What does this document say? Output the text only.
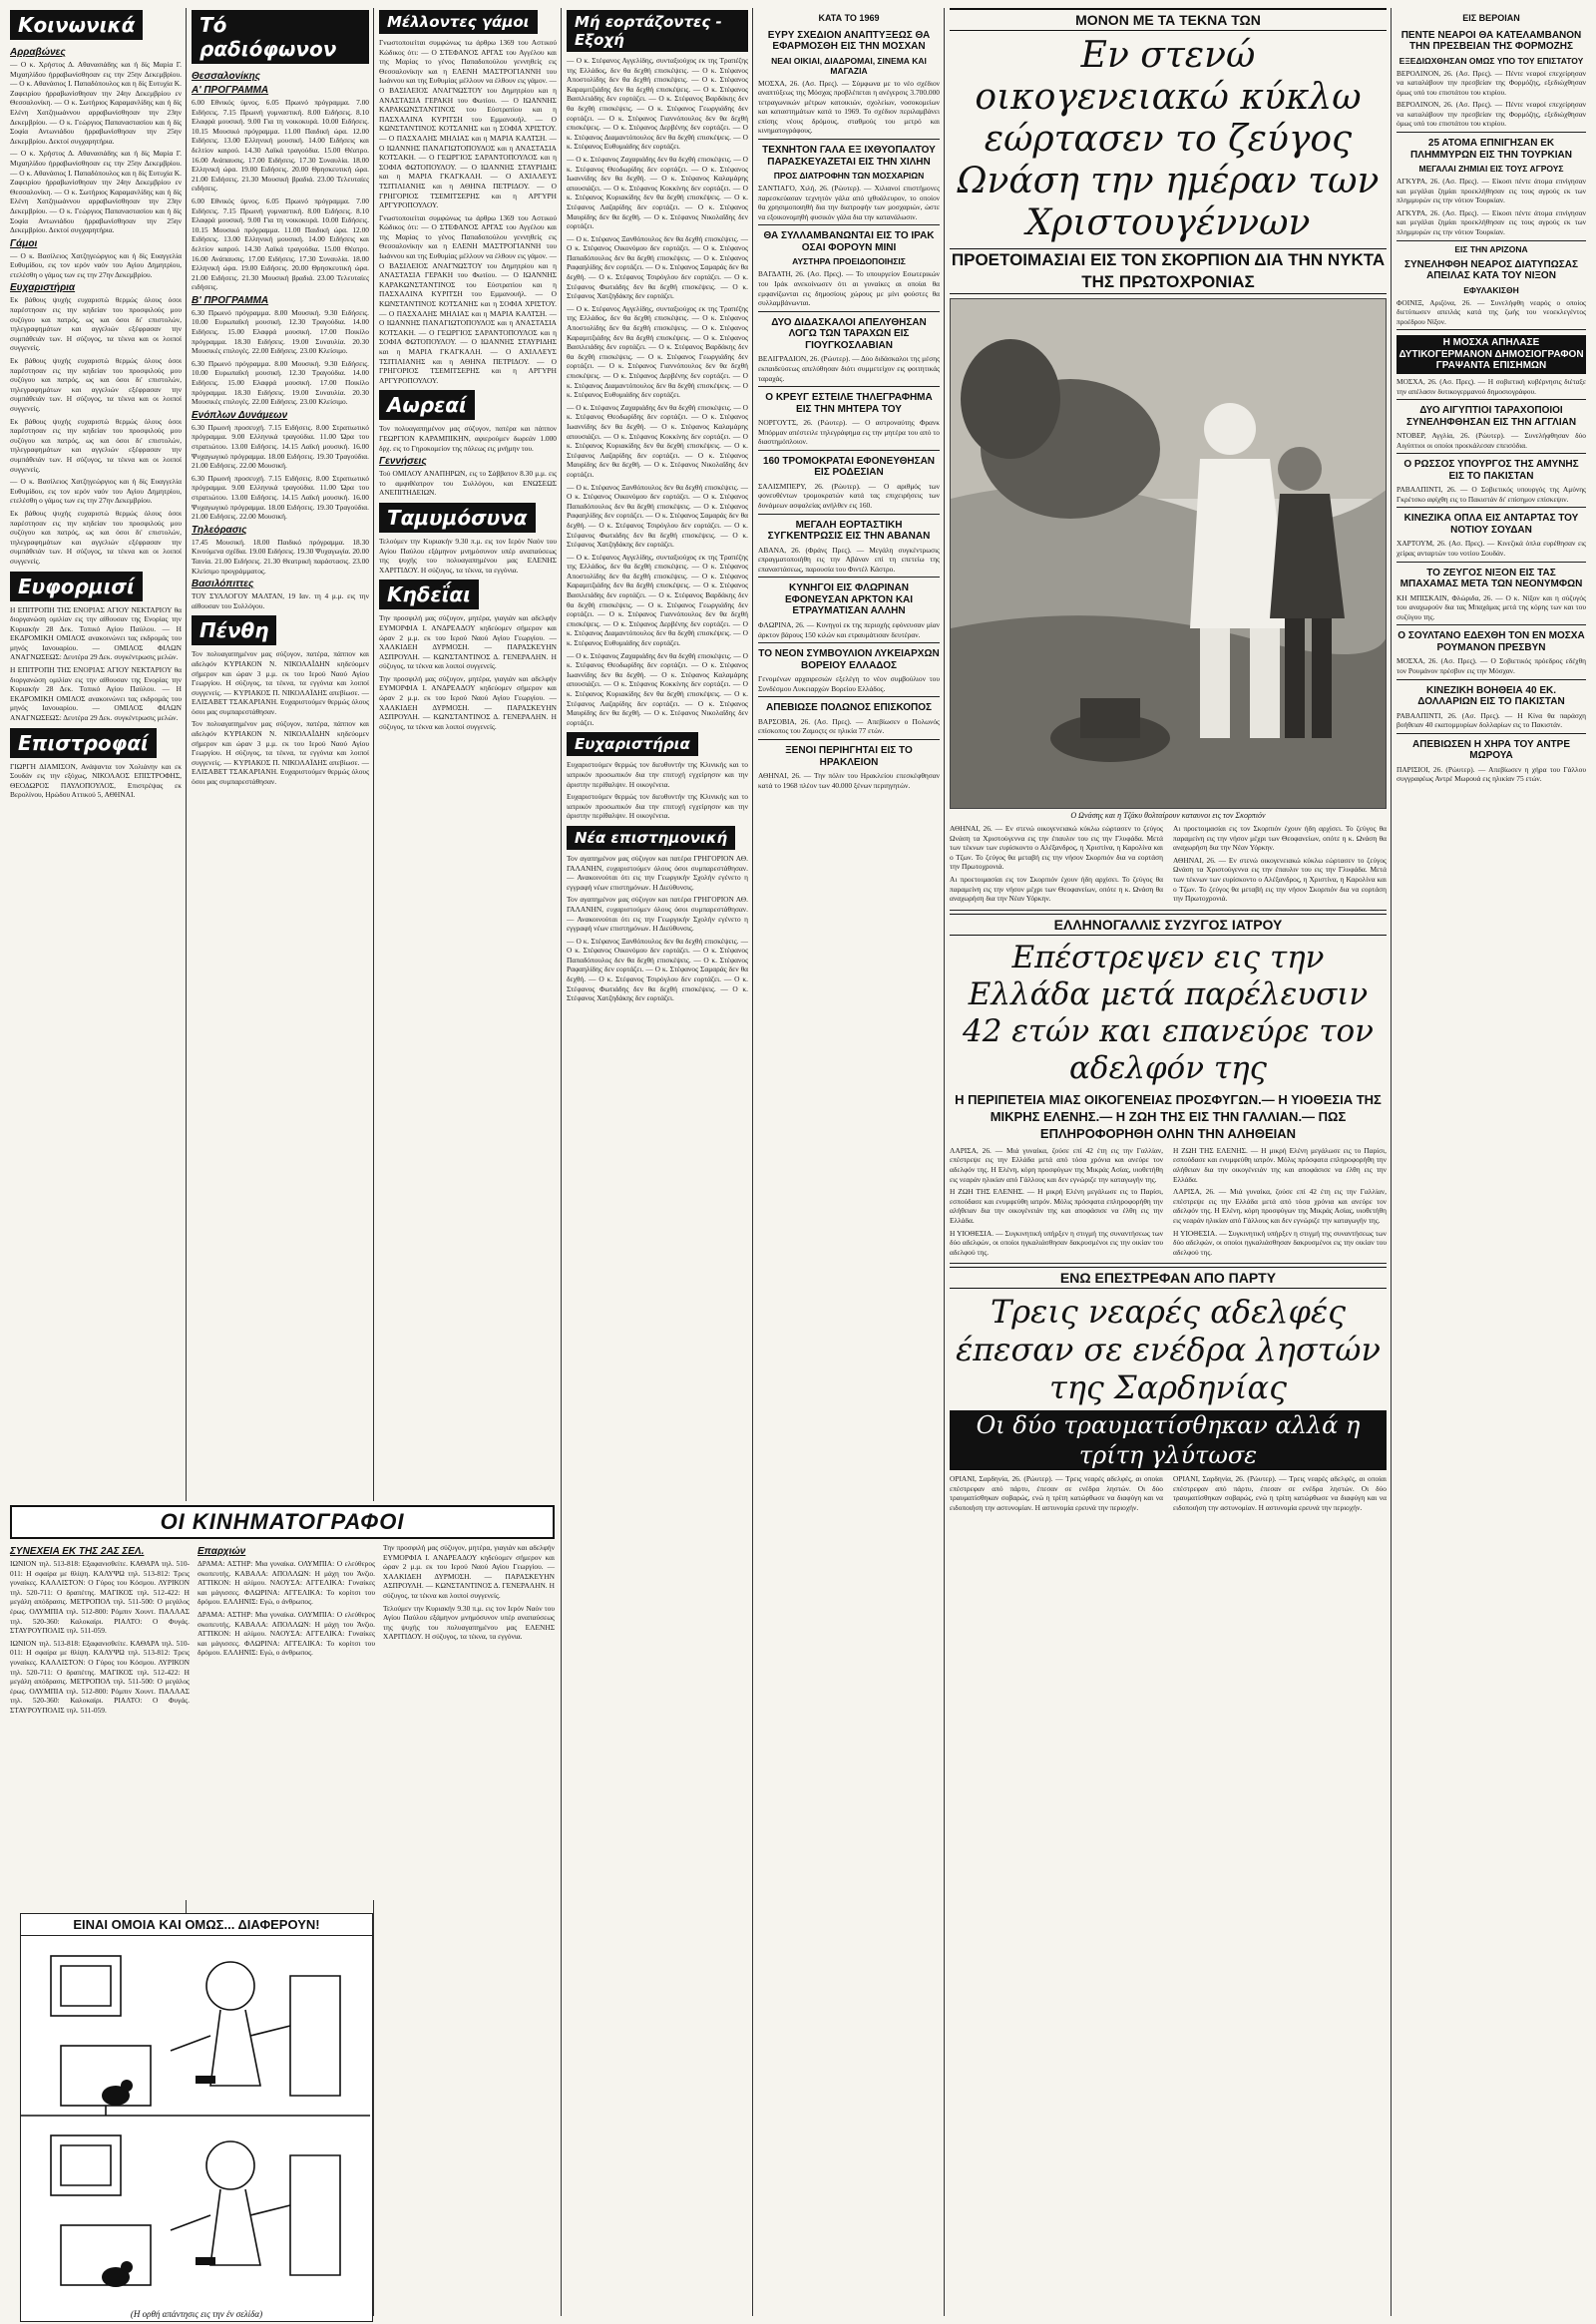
Κοινωνικά
Αρραβώνες

— Ο κ. Χρήστος Δ. Αθανασιάδης και ή δίς Μαρία Γ. Μιχαηλίδου ήρραβωνίσθησαν εις την 25ην Δεκεμβρίου. — Ο κ. Αθανάσιος Ι. Παπαδόπουλος και η δίς Ευτυχία Κ. Ζαφειρίου ήρραβωνίσθησαν την 24ην Δεκεμβρίου εν Θεσσαλονίκη. — Ο κ. Σωτήριος Καραμανλίδης και ή δίς Ελένη Χατζηιωάννου αρραβωνίσθησαν την 23ην Δεκεμβρίου. — Ο κ. Γεώργιος Παπαναστασίου και ή δίς Σοφία Αντωνιάδου ήρραβωνίσθησαν την 25ην Δεκεμβρίου. Δεκτοί συγχαρητήρια.

— Ο κ. Χρήστος Δ. Αθανασιάδης και ή δίς Μαρία Γ. Μιχαηλίδου ήρραβωνίσθησαν εις την 25ην Δεκεμβρίου. — Ο κ. Αθανάσιος Ι. Παπαδόπουλος και η δίς Ευτυχία Κ. Ζαφειρίου ήρραβωνίσθησαν την 24ην Δεκεμβρίου εν Θεσσαλονίκη. — Ο κ. Σωτήριος Καραμανλίδης και ή δίς Ελένη Χατζηιωάννου αρραβωνίσθησαν την 23ην Δεκεμβρίου. — Ο κ. Γεώργιος Παπαναστασίου και ή δίς Σοφία Αντωνιάδου ήρραβωνίσθησαν την 25ην Δεκεμβρίου. Δεκτοί συγχαρητήρια.

Γάμοι

— Ο κ. Βασίλειος Χατζηγεώργιος και ή δίς Ευαγγελία Ευθυμίδου, εις τον ιερόν ναόν του Αγίου Δημητρίου, ετελέσθη ο γάμος των εις την 27ην Δεκεμβρίου.

Ευχαριστήρια

Εκ βάθους ψυχής ευχαριστώ θερμώς όλους όσοι παρέστησαν εις την κηδείαν του προσφιλούς μου συζύγου και πατρός, ως και όσοι δι' επιστολών, τηλεγραφημάτων και αγγελιών εξέφρασαν την συμπάθειάν των. Η σύζυγος, τα τέκνα και οι λοιποί συγγενείς.

Εκ βάθους ψυχής ευχαριστώ θερμώς όλους όσοι παρέστησαν εις την κηδείαν του προσφιλούς μου συζύγου και πατρός, ως και όσοι δι' επιστολών, τηλεγραφημάτων και αγγελιών εξέφρασαν την συμπάθειάν των. Η σύζυγος, τα τέκνα και οι λοιποί συγγενείς.

Εκ βάθους ψυχής ευχαριστώ θερμώς όλους όσοι παρέστησαν εις την κηδείαν του προσφιλούς μου συζύγου και πατρός, ως και όσοι δι' επιστολών, τηλεγραφημάτων και αγγελιών εξέφρασαν την συμπάθειάν των. Η σύζυγος, τα τέκνα και οι λοιποί συγγενείς.

— Ο κ. Βασίλειος Χατζηγεώργιος και ή δίς Ευαγγελία Ευθυμίδου, εις τον ιερόν ναόν του Αγίου Δημητρίου, ετελέσθη ο γάμος των εις την 27ην Δεκεμβρίου.

Εκ βάθους ψυχής ευχαριστώ θερμώς όλους όσοι παρέστησαν εις την κηδείαν του προσφιλούς μου συζύγου και πατρός, ως και όσοι δι' επιστολών, τηλεγραφημάτων και αγγελιών εξέφρασαν την συμπάθειάν των. Η σύζυγος, τα τέκνα και οι λοιποί συγγενείς.

Ευφορμισί

Η ΕΠΙΤΡΟΠΗ ΤΗΣ ΕΝΟΡΙΑΣ ΑΓΙΟΥ ΝΕΚΤΑΡΙΟΥ θα διοργανώση ομιλίαν εις την αίθουσαν της Ενορίας την Κυριακήν 28 Δεκ. Τοπικό Αγίου Παύλου. — Η ΕΚΔΡΟΜΙΚΗ ΟΜΙΛΟΣ ανακοινώνει τας εκδρομάς του μηνός Ιανουαρίου. — ΟΜΙΛΟΣ ΦΙΛΩΝ ΑΝΑΓΝΩΣΕΩΣ: Δευτέρα 29 Δεκ. συγκέντρωσις μελών.

Η ΕΠΙΤΡΟΠΗ ΤΗΣ ΕΝΟΡΙΑΣ ΑΓΙΟΥ ΝΕΚΤΑΡΙΟΥ θα διοργανώση ομιλίαν εις την αίθουσαν της Ενορίας την Κυριακήν 28 Δεκ. Τοπικό Αγίου Παύλου. — Η ΕΚΔΡΟΜΙΚΗ ΟΜΙΛΟΣ ανακοινώνει τας εκδρομάς του μηνός Ιανουαρίου. — ΟΜΙΛΟΣ ΦΙΛΩΝ ΑΝΑΓΝΩΣΕΩΣ: Δευτέρα 29 Δεκ. συγκέντρωσις μελών.

Επιστροφαί

ΓΙΩΡΓΗ ΔΙΑΜΙΣΟΝ, Ανάψαντα τον Χολιάνην και εκ Σουδάν εις την εξόχως, ΝΙΚΟΛΑΟΣ ΕΠΙΣΤΡΟΦΗΣ, ΘΕΟΔΩΡΟΣ ΠΑΥΛΟΠΟΥΛΟΣ, Επιστρέψας εκ Βερολίνου, Ηρώδου Αττικού 5, ΑΘΗΝΑΙ.

Τό ραδιόφωνον
Θεσσαλονίκης
Α' ΠΡΟΓΡΑΜΜΑ

6.00 Εθνικός ύμνος. 6.05 Πρωινό πρόγραμμα. 7.00 Ειδήσεις. 7.15 Πρωινή γυμναστική. 8.00 Ειδήσεις. 8.10 Ελαφρά μουσική. 9.00 Για τη νοικοκυρά. 10.00 Ειδήσεις. 10.15 Μουσικό πρόγραμμα. 11.00 Παιδική ώρα. 12.00 Ειδήσεις. 13.00 Ελληνική μουσική. 14.00 Ειδήσεις και δελτίον καιρού. 14.30 Λαϊκά τραγούδια. 15.00 Θέατρο. 16.00 Ανάπαυσις. 17.00 Ειδήσεις. 17.30 Συναυλία. 18.00 Ελληνική ώρα. 19.00 Ειδήσεις. 20.00 Θρησκευτική ώρα. 21.00 Ειδήσεις. 21.30 Μουσική βραδιά. 23.00 Τελευταίες ειδήσεις.

6.00 Εθνικός ύμνος. 6.05 Πρωινό πρόγραμμα. 7.00 Ειδήσεις. 7.15 Πρωινή γυμναστική. 8.00 Ειδήσεις. 8.10 Ελαφρά μουσική. 9.00 Για τη νοικοκυρά. 10.00 Ειδήσεις. 10.15 Μουσικό πρόγραμμα. 11.00 Παιδική ώρα. 12.00 Ειδήσεις. 13.00 Ελληνική μουσική. 14.00 Ειδήσεις και δελτίον καιρού. 14.30 Λαϊκά τραγούδια. 15.00 Θέατρο. 16.00 Ανάπαυσις. 17.00 Ειδήσεις. 17.30 Συναυλία. 18.00 Ελληνική ώρα. 19.00 Ειδήσεις. 20.00 Θρησκευτική ώρα. 21.00 Ειδήσεις. 21.30 Μουσική βραδιά. 23.00 Τελευταίες ειδήσεις.

Β' ΠΡΟΓΡΑΜΜΑ

6.30 Πρωινό πρόγραμμα. 8.00 Μουσική. 9.30 Ειδήσεις. 10.00 Ευρωπαϊκή μουσική. 12.30 Τραγούδια. 14.00 Ειδήσεις. 15.00 Ελαφρά μουσική. 17.00 Ποικίλο πρόγραμμα. 18.30 Ειδήσεις. 19.00 Συναυλία. 20.30 Μουσικές επιλογές. 22.00 Ειδήσεις. 23.00 Κλείσιμο.

6.30 Πρωινό πρόγραμμα. 8.00 Μουσική. 9.30 Ειδήσεις. 10.00 Ευρωπαϊκή μουσική. 12.30 Τραγούδια. 14.00 Ειδήσεις. 15.00 Ελαφρά μουσική. 17.00 Ποικίλο πρόγραμμα. 18.30 Ειδήσεις. 19.00 Συναυλία. 20.30 Μουσικές επιλογές. 22.00 Ειδήσεις. 23.00 Κλείσιμο.

Ενόπλων Δυνάμεων

6.30 Πρωινή προσευχή. 7.15 Ειδήσεις. 8.00 Στρατιωτικό πρόγραμμα. 9.00 Ελληνικά τραγούδια. 11.00 Ώρα του στρατιώτου. 13.00 Ειδήσεις. 14.15 Λαϊκή μουσική. 16.00 Ψυχαγωγικό πρόγραμμα. 18.00 Ειδήσεις. 19.30 Τραγούδια. 21.00 Ειδήσεις. 22.00 Μουσική.

6.30 Πρωινή προσευχή. 7.15 Ειδήσεις. 8.00 Στρατιωτικό πρόγραμμα. 9.00 Ελληνικά τραγούδια. 11.00 Ώρα του στρατιώτου. 13.00 Ειδήσεις. 14.15 Λαϊκή μουσική. 16.00 Ψυχαγωγικό πρόγραμμα. 18.00 Ειδήσεις. 19.30 Τραγούδια. 21.00 Ειδήσεις. 22.00 Μουσική.

Τηλεόρασις

17.45 Μουσική. 18.00 Παιδικό πρόγραμμα. 18.30 Κινούμενα σχέδια. 19.00 Ειδήσεις. 19.30 Ψυχαγωγία. 20.00 Ταινία. 21.00 Ειδήσεις. 21.30 Θεατρική παράστασις. 23.00 Κλείσιμο προγράμματος.

Βασιλόπιττες

ΤΟΥ ΣΥΛΛΟΓΟΥ ΜΑΛΤΑΝ, 19 Ιαν. τη 4 μ.μ. εις την αίθουσαν του Συλλόγου.

Πένθη

Τον πολυαγαπημένον μας σύζυγον, πατέρα, πάππον και αδελφόν ΚΥΡΙΑΚΟΝ Ν. ΝΙΚΟΛΑΪΔΗΝ κηδεύομεν σήμερον και ώραν 3 μ.μ. εκ του Ιερού Ναού Αγίου Γεωργίου. Η σύζυγος, τα τέκνα, τα εγγόνια και λοιποί συγγενείς. — ΚΥΡΙΑΚΟΣ Π. ΝΙΚΟΛΑΪΔΗΣ απεβίωσε. — ΕΛΙΣΑΒΕΤ ΤΣΑΚΑΡΙΑΝΗ. Ευχαριστούμεν θερμώς όλους όσοι μας συμπαρεστάθησαν.

Τον πολυαγαπημένον μας σύζυγον, πατέρα, πάππον και αδελφόν ΚΥΡΙΑΚΟΝ Ν. ΝΙΚΟΛΑΪΔΗΝ κηδεύομεν σήμερον και ώραν 3 μ.μ. εκ του Ιερού Ναού Αγίου Γεωργίου. Η σύζυγος, τα τέκνα, τα εγγόνια και λοιποί συγγενείς. — ΚΥΡΙΑΚΟΣ Π. ΝΙΚΟΛΑΪΔΗΣ απεβίωσε. — ΕΛΙΣΑΒΕΤ ΤΣΑΚΑΡΙΑΝΗ. Ευχαριστούμεν θερμώς όλους όσοι μας συμπαρεστάθησαν.

Μέλλοντες γάμοι

Γνωστοποιείται συμφώνως τω άρθρω 1369 του Αστικού Κώδικος ότι: — Ο ΣΤΕΦΑΝΟΣ ΑΡΓΑΣ του Αγγέλου και της Μαρίας το γένος Παπαδοπούλου γεννηθείς εις Θεσσαλονίκην και η ΕΛΕΝΗ ΜΑΣΤΡΟΓΙΑΝΝΗ του Ιωάννου και της Ευθυμίας μέλλουν να έλθουν εις γάμον. — Ο ΒΑΣΙΛΕΙΟΣ ΑΝΑΓΝΩΣΤΟΥ του Δημητρίου και η ΑΝΑΣΤΑΣΙΑ ΓΕΡΑΚΗ του Φωτίου. — Ο ΙΩΑΝΝΗΣ ΚΑΡΑΚΩΝΣΤΑΝΤΙΝΟΣ του Εύστρατίου και η ΠΑΣΧΑΛΙΝΑ ΚΥΡΙΤΣΗ του Εμμανουήλ. — Ο ΚΩΝΣΤΑΝΤΙΝΟΣ ΚΟΤΣΑΝΗΣ και η ΣΟΦΙΑ ΧΡΙΣΤΟΥ. — Ο ΠΑΣΧΑΛΗΣ ΜΗΛΙΑΣ και η ΜΑΡΙΑ ΚΑΛΤΣΗ. — Ο ΙΩΑΝΝΗΣ ΠΑΝΑΓΙΩΤΟΠΟΥΛΟΣ και η ΑΝΑΣΤΑΣΙΑ ΚΟΤΣΑΚΗ. — Ο ΓΕΩΡΓΙΟΣ ΣΑΡΑΝΤΟΠΟΥΛΟΣ και η ΣΟΦΙΑ ΦΩΤΟΠΟΥΛΟΥ. — Ο ΙΩΑΝΝΗΣ ΣΤΑΥΡΙΔΗΣ και η ΜΑΡΙΑ ΓΚΑΓΚΑΛΗ. — Ο ΑΧΙΛΛΕΥΣ ΤΣΙΤΙΛΙΑΝΗΣ και η ΑΘΗΝΑ ΠΕΤΡΙΔΟΥ. — Ο ΓΡΗΓΟΡΙΟΣ ΤΣΕΜΙΤΣΕΡΗΣ και η ΑΡΓΥΡΗ ΑΡΓΥΡΟΠΟΥΛΟΥ.

Γνωστοποιείται συμφώνως τω άρθρω 1369 του Αστικού Κώδικος ότι: — Ο ΣΤΕΦΑΝΟΣ ΑΡΓΑΣ του Αγγέλου και της Μαρίας το γένος Παπαδοπούλου γεννηθείς εις Θεσσαλονίκην και η ΕΛΕΝΗ ΜΑΣΤΡΟΓΙΑΝΝΗ του Ιωάννου και της Ευθυμίας μέλλουν να έλθουν εις γάμον. — Ο ΒΑΣΙΛΕΙΟΣ ΑΝΑΓΝΩΣΤΟΥ του Δημητρίου και η ΑΝΑΣΤΑΣΙΑ ΓΕΡΑΚΗ του Φωτίου. — Ο ΙΩΑΝΝΗΣ ΚΑΡΑΚΩΝΣΤΑΝΤΙΝΟΣ του Εύστρατίου και η ΠΑΣΧΑΛΙΝΑ ΚΥΡΙΤΣΗ του Εμμανουήλ. — Ο ΚΩΝΣΤΑΝΤΙΝΟΣ ΚΟΤΣΑΝΗΣ και η ΣΟΦΙΑ ΧΡΙΣΤΟΥ. — Ο ΠΑΣΧΑΛΗΣ ΜΗΛΙΑΣ και η ΜΑΡΙΑ ΚΑΛΤΣΗ. — Ο ΙΩΑΝΝΗΣ ΠΑΝΑΓΙΩΤΟΠΟΥΛΟΣ και η ΑΝΑΣΤΑΣΙΑ ΚΟΤΣΑΚΗ. — Ο ΓΕΩΡΓΙΟΣ ΣΑΡΑΝΤΟΠΟΥΛΟΣ και η ΣΟΦΙΑ ΦΩΤΟΠΟΥΛΟΥ. — Ο ΙΩΑΝΝΗΣ ΣΤΑΥΡΙΔΗΣ και η ΜΑΡΙΑ ΓΚΑΓΚΑΛΗ. — Ο ΑΧΙΛΛΕΥΣ ΤΣΙΤΙΛΙΑΝΗΣ και η ΑΘΗΝΑ ΠΕΤΡΙΔΟΥ. — Ο ΓΡΗΓΟΡΙΟΣ ΤΣΕΜΙΤΣΕΡΗΣ και η ΑΡΓΥΡΗ ΑΡΓΥΡΟΠΟΥΛΟΥ.

Αωρεαί

Τον πολυαγαπημένον μας σύζυγον, πατέρα και πάππον ΓΕΩΡΓΙΟΝ ΚΑΡΑΜΠΙΚΗΝ, αφιερούμεν δωρεάν 1.000 δρχ. εις το Γηροκομείον της πόλεως εις μνήμην του.

Γεννήσεις

Τού ΟΜΙΛΟΥ ΑΝΑΠΗΡΩΝ, εις το Σάββατον 8.30 μ.μ. εις το αμφιθέατρον του Συλλόγου, και ΕΝΩΣΕΩΣ ΑΝΕΠΙΤΗΔΕΙΩΝ.

Ταμυμόσυνα

Τελούμεν την Κυριακήν 9.30 π.μ. εις τον Ιερόν Ναόν του Αγίου Παύλου εξάμηνον μνημόσυνον υπέρ αναπαύσεως της ψυχής του πολυαγαπημένου μας ΕΛΕΝΗΣ ΧΑΡΙΤΙΔΟΥ. Η σύζυγος, τα τέκνα, τα εγγόνια.

Κηδεΐαι

Την προσφιλή μας σύζυγον, μητέρα, γιαγιάν και αδελφήν ΕΥΜΟΡΦΙΑ Ι. ΑΝΔΡΕΑΔΟΥ κηδεύομεν σήμερον και ώραν 2 μ.μ. εκ του Ιερού Ναού Αγίου Γεωργίου. — ΧΑΛΚΙΔΕΗ ΔΥΡΜΟΣΗ. — ΠΑΡΑΣΚΕΥΗΝ ΑΣΠΡΟΥΛΗ. — ΚΩΝΣΤΑΝΤΙΝΟΣ Δ. ΓΕΝΕΡΑΛΗΝ. Η σύζυγος, τα τέκνα και λοιποί συγγενείς.

Την προσφιλή μας σύζυγον, μητέρα, γιαγιάν και αδελφήν ΕΥΜΟΡΦΙΑ Ι. ΑΝΔΡΕΑΔΟΥ κηδεύομεν σήμερον και ώραν 2 μ.μ. εκ του Ιερού Ναού Αγίου Γεωργίου. — ΧΑΛΚΙΔΕΗ ΔΥΡΜΟΣΗ. — ΠΑΡΑΣΚΕΥΗΝ ΑΣΠΡΟΥΛΗ. — ΚΩΝΣΤΑΝΤΙΝΟΣ Δ. ΓΕΝΕΡΑΛΗΝ. Η σύζυγος, τα τέκνα και λοιποί συγγενείς.

Μή εορτάζοντες - Εξοχή

— Ο κ. Στέφανος Αγγελίδης, συνταξιούχος εκ της Τραπέζης της Ελλάδος, δεν θα δεχθή επισκέψεις. — Ο κ. Στέφανος Αποστολίδης δεν θα δεχθή επισκέψεις. — Ο κ. Στέφανος Καραμιτζιάδης δεν θα δεχθή επισκέψεις. — Ο κ. Στέφανος Βασιλειάδης δεν εορτάζει. — Ο κ. Στέφανος Βαρδάκης δεν θα δεχθή επισκέψεις. — Ο κ. Στέφανος Γεωργιάδης δεν εορτάζει. — Ο κ. Στέφανος Γιαννόπουλος δεν θα δεχθή επισκέψεις. — Ο κ. Στέφανος Δερβένης δεν εορτάζει. — Ο κ. Στέφανος Διαμαντόπουλος δεν θα δεχθή επισκέψεις. — Ο κ. Στέφανος Ευθυμιάδης δεν εορτάζει.

— Ο κ. Στέφανος Ζαχαριάδης δεν θα δεχθή επισκέψεις. — Ο κ. Στέφανος Θεοδωρίδης δεν εορτάζει. — Ο κ. Στέφανος Ιωαννίδης δεν θα δεχθή. — Ο κ. Στέφανος Καλαμάρης απουσιάζει. — Ο κ. Στέφανος Κοκκίνης δεν εορτάζει. — Ο κ. Στέφανος Κυριακίδης δεν θα δεχθή επισκέψεις. — Ο κ. Στέφανος Λαζαρίδης δεν εορτάζει. — Ο κ. Στέφανος Μαυρίδης δεν θα δεχθή. — Ο κ. Στέφανος Νικολαΐδης δεν εορτάζει.

— Ο κ. Στέφανος Ξανθόπουλος δεν θα δεχθή επισκέψεις. — Ο κ. Στέφανος Οικονόμου δεν εορτάζει. — Ο κ. Στέφανος Παπαδόπουλος δεν θα δεχθή επισκέψεις. — Ο κ. Στέφανος Ραφαηλίδης δεν εορτάζει. — Ο κ. Στέφανος Σαμαράς δεν θα δεχθή. — Ο κ. Στέφανος Τσιρόγλου δεν εορτάζει. — Ο κ. Στέφανος Φωτιάδης δεν θα δεχθή επισκέψεις. — Ο κ. Στέφανος Χατζηδάκης δεν εορτάζει.

— Ο κ. Στέφανος Αγγελίδης, συνταξιούχος εκ της Τραπέζης της Ελλάδος, δεν θα δεχθή επισκέψεις. — Ο κ. Στέφανος Αποστολίδης δεν θα δεχθή επισκέψεις. — Ο κ. Στέφανος Καραμιτζιάδης δεν θα δεχθή επισκέψεις. — Ο κ. Στέφανος Βασιλειάδης δεν εορτάζει. — Ο κ. Στέφανος Βαρδάκης δεν θα δεχθή επισκέψεις. — Ο κ. Στέφανος Γεωργιάδης δεν εορτάζει. — Ο κ. Στέφανος Γιαννόπουλος δεν θα δεχθή επισκέψεις. — Ο κ. Στέφανος Δερβένης δεν εορτάζει. — Ο κ. Στέφανος Διαμαντόπουλος δεν θα δεχθή επισκέψεις. — Ο κ. Στέφανος Ευθυμιάδης δεν εορτάζει.

— Ο κ. Στέφανος Ζαχαριάδης δεν θα δεχθή επισκέψεις. — Ο κ. Στέφανος Θεοδωρίδης δεν εορτάζει. — Ο κ. Στέφανος Ιωαννίδης δεν θα δεχθή. — Ο κ. Στέφανος Καλαμάρης απουσιάζει. — Ο κ. Στέφανος Κοκκίνης δεν εορτάζει. — Ο κ. Στέφανος Κυριακίδης δεν θα δεχθή επισκέψεις. — Ο κ. Στέφανος Λαζαρίδης δεν εορτάζει. — Ο κ. Στέφανος Μαυρίδης δεν θα δεχθή. — Ο κ. Στέφανος Νικολαΐδης δεν εορτάζει.

— Ο κ. Στέφανος Ξανθόπουλος δεν θα δεχθή επισκέψεις. — Ο κ. Στέφανος Οικονόμου δεν εορτάζει. — Ο κ. Στέφανος Παπαδόπουλος δεν θα δεχθή επισκέψεις. — Ο κ. Στέφανος Ραφαηλίδης δεν εορτάζει. — Ο κ. Στέφανος Σαμαράς δεν θα δεχθή. — Ο κ. Στέφανος Τσιρόγλου δεν εορτάζει. — Ο κ. Στέφανος Φωτιάδης δεν θα δεχθή επισκέψεις. — Ο κ. Στέφανος Χατζηδάκης δεν εορτάζει.

— Ο κ. Στέφανος Αγγελίδης, συνταξιούχος εκ της Τραπέζης της Ελλάδος, δεν θα δεχθή επισκέψεις. — Ο κ. Στέφανος Αποστολίδης δεν θα δεχθή επισκέψεις. — Ο κ. Στέφανος Καραμιτζιάδης δεν θα δεχθή επισκέψεις. — Ο κ. Στέφανος Βασιλειάδης δεν εορτάζει. — Ο κ. Στέφανος Βαρδάκης δεν θα δεχθή επισκέψεις. — Ο κ. Στέφανος Γεωργιάδης δεν εορτάζει. — Ο κ. Στέφανος Γιαννόπουλος δεν θα δεχθή επισκέψεις. — Ο κ. Στέφανος Δερβένης δεν εορτάζει. — Ο κ. Στέφανος Διαμαντόπουλος δεν θα δεχθή επισκέψεις. — Ο κ. Στέφανος Ευθυμιάδης δεν εορτάζει.

— Ο κ. Στέφανος Ζαχαριάδης δεν θα δεχθή επισκέψεις. — Ο κ. Στέφανος Θεοδωρίδης δεν εορτάζει. — Ο κ. Στέφανος Ιωαννίδης δεν θα δεχθή. — Ο κ. Στέφανος Καλαμάρης απουσιάζει. — Ο κ. Στέφανος Κοκκίνης δεν εορτάζει. — Ο κ. Στέφανος Κυριακίδης δεν θα δεχθή επισκέψεις. — Ο κ. Στέφανος Λαζαρίδης δεν εορτάζει. — Ο κ. Στέφανος Μαυρίδης δεν θα δεχθή. — Ο κ. Στέφανος Νικολαΐδης δεν εορτάζει.

Ευχαριστήρια

Ευχαριστούμεν θερμώς τον διευθυντήν της Κλινικής και το ιατρικόν προσωπικόν δια την επιτυχή εγχείρησιν και την άριστην περίθαλψιν. Η οικογένεια.

Ευχαριστούμεν θερμώς τον διευθυντήν της Κλινικής και το ιατρικόν προσωπικόν δια την επιτυχή εγχείρησιν και την άριστην περίθαλψιν. Η οικογένεια.

Νέα επιστημονική

Τον αγαπημένον μας σύζυγον και πατέρα ΓΡΗΓΟΡΙΟΝ ΑΘ. ΓΑΛΑΝΗΝ, ευχαριστούμεν όλους όσοι συμπαρεστάθησαν. — Ανακοινούται ότι εις την Γεωργικήν Σχολήν εγένετο η εγγραφή νέων επιστημόνων. Η Διεύθυνσις.

Τον αγαπημένον μας σύζυγον και πατέρα ΓΡΗΓΟΡΙΟΝ ΑΘ. ΓΑΛΑΝΗΝ, ευχαριστούμεν όλους όσοι συμπαρεστάθησαν. — Ανακοινούται ότι εις την Γεωργικήν Σχολήν εγένετο η εγγραφή νέων επιστημόνων. Η Διεύθυνσις.

— Ο κ. Στέφανος Ξανθόπουλος δεν θα δεχθή επισκέψεις. — Ο κ. Στέφανος Οικονόμου δεν εορτάζει. — Ο κ. Στέφανος Παπαδόπουλος δεν θα δεχθή επισκέψεις. — Ο κ. Στέφανος Ραφαηλίδης δεν εορτάζει. — Ο κ. Στέφανος Σαμαράς δεν θα δεχθή. — Ο κ. Στέφανος Τσιρόγλου δεν εορτάζει. — Ο κ. Στέφανος Φωτιάδης δεν θα δεχθή επισκέψεις. — Ο κ. Στέφανος Χατζηδάκης δεν εορτάζει.

ΚΑΤΑ ΤΟ 1969
ΕΥΡΥ ΣΧΕΔΙΟΝ ΑΝΑΠΤΥΞΕΩΣ ΘΑ ΕΦΑΡΜΟΣΘΗ ΕΙΣ ΤΗΝ ΜΟΣΧΑΝ
ΝΕΑΙ ΟΙΚΙΑΙ, ΔΙΑΔΡΟΜΑΙ, ΣΙΝΕΜΑ ΚΑΙ ΜΑΓΑΖΙΑ

ΜΟΣΧΑ, 26. (Ασ. Πρες). — Σύμφωνα με το νέο σχέδιον αναπτύξεως της Μόσχας προβλέπεται η ανέγερσις 3.700.000 τετραγωνικών μέτρων κατοικιών, σχολείων, νοσοκομείων και καταστημάτων κατά το 1969. Το σχέδιον περιλαμβάνει επίσης νέους δρόμους, σταθμούς του μετρό και κινηματογράφους.

ΤΕΧΝΗΤΟΝ ΓΑΛΑ ΕΞ ΙΧΘΥΟΠΑΛΤΟΥ ΠΑΡΑΣΚΕΥΑΖΕΤΑΙ ΕΙΣ ΤΗΝ ΧΙΛΗΝ
ΠΡΟΣ ΔΙΑΤΡΟΦΗΝ ΤΩΝ ΜΟΣΧΑΡΙΩΝ

ΣΑΝΤΙΑΓΟ, Χιλή, 26. (Ρώυτερ). — Χιλιανοί επιστήμονες παρεσκεύασαν τεχνητόν γάλα από ιχθυάλευρον, το οποίον θα χρησιμοποιηθή δια την διατροφήν των μοσχαριών, ώστε να εξοικονομηθή φυσικόν γάλα δια την κατανάλωσιν.

ΘΑ ΣΥΛΛΑΜΒΑΝΩΝΤΑΙ ΕΙΣ ΤΟ ΙΡΑΚ ΟΣΑΙ ΦΟΡΟΥΝ ΜΙΝΙ
ΑΥΣΤΗΡΑ ΠΡΟΕΙΔΟΠΟΙΗΣΙΣ

ΒΑΓΔΑΤΗ, 26. (Ασ. Πρες). — Το υπουργείον Εσωτερικών του Ιράκ ανεκοίνωσεν ότι αι γυναίκες αι οποίαι θα εμφανίζωνται εις δημοσίους χώρους με μίνι φούστες θα συλλαμβάνωνται.

ΔΥΟ ΔΙΔΑΣΚΑΛΟΙ ΑΠΕΛΥΘΗΣΑΝ ΛΟΓΩ ΤΩΝ ΤΑΡΑΧΩΝ ΕΙΣ ΓΙΟΥΓΚΟΣΛΑΒΙΑΝ

ΒΕΛΙΓΡΑΔΙΟΝ, 26. (Ρώυτερ). — Δύο διδάσκαλοι της μέσης εκπαιδεύσεως απελύθησαν διότι συμμετείχον εις φοιτητικάς ταραχάς.

Ο ΚΡΕΥΓ ΕΣΤΕΙΛΕ ΤΗΛΕΓΡΑΦΗΜΑ ΕΙΣ ΤΗΝ ΜΗΤΕΡΑ ΤΟΥ

ΝΟΡΓΟΥΤΣ, 26. (Ρώυτερ). — Ο αστροναύτης Φρανκ Μπόρμαν απέστειλε τηλεγράφημα εις την μητέρα του από το διαστημόπλοιον.

160 ΤΡΟΜΟΚΡΑΤΑΙ ΕΦΟΝΕΥΘΗΣΑΝ ΕΙΣ ΡΟΔΕΣΙΑΝ

ΣΑΛΙΣΜΠΕΡΥ, 26. (Ρώυτερ). — Ο αριθμός των φονευθέντων τρομοκρατών κατά τας επιχειρήσεις των δυνάμεων ασφαλείας ανήλθεν εις 160.

ΜΕΓΑΛΗ ΕΟΡΤΑΣΤΙΚΗ ΣΥΓΚΕΝΤΡΩΣΙΣ ΕΙΣ ΤΗΝ ΑΒΑΝΑΝ

ΑΒΑΝΑ, 26. (Φράνς Πρες). — Μεγάλη συγκέντρωσις επραγματοποιήθη εις την Αβάναν επί τη επετείω της επαναστάσεως, παρουσία του Φιντέλ Κάστρο.

ΚΥΝΗΓΟΙ ΕΙΣ ΦΛΩΡΙΝΑΝ ΕΦΟΝΕΥΣΑΝ ΑΡΚΤΟΝ ΚΑΙ ΕΤΡΑΥΜΑΤΙΣΑΝ ΑΛΛΗΝ

ΦΛΩΡΙΝΑ, 26. — Κυνηγοί εκ της περιοχής εφόνευσαν μίαν άρκτον βάρους 150 κιλών και ετραυμάτισαν δευτέραν.

ΤΟ ΝΕΟΝ ΣΥΜΒΟΥΛΙΟΝ ΛΥΚΕΙΑΡΧΩΝ ΒΟΡΕΙΟΥ ΕΛΛΑΔΟΣ

Γενομένων αρχαιρεσιών εξελέγη το νέον συμβούλιον του Συνδέσμου Λυκειαρχών Βορείου Ελλάδος.

ΑΠΕΒΙΩΣΕ ΠΟΛΩΝΟΣ ΕΠΙΣΚΟΠΟΣ

ΒΑΡΣΟΒΙΑ, 26. (Ασ. Πρες). — Απεβίωσεν ο Πολωνός επίσκοπος του Ζαμοςτς σε ηλικία 77 ετών.

ΞΕΝΟΙ ΠΕΡΙΗΓΗΤΑΙ ΕΙΣ ΤΟ ΗΡΑΚΛΕΙΟΝ

ΑΘΗΝΑΙ, 26. — Την πόλιν του Ηρακλείου επεσκέφθησαν κατά το 1968 πλέον των 40.000 ξένων περιηγητών.

ΜΟΝΟΝ ΜΕ ΤΑ ΤΕΚΝΑ ΤΩΝ
Εν στενώ οικογενειακώ κύκλω εώρτασεν το ζεύγος Ωνάση την ημέραν των Χριστουγέννων
ΠΡΟΕΤΟΙΜΑΣΙΑΙ ΕΙΣ ΤΟΝ ΣΚΟΡΠΙΟΝ ΔΙΑ ΤΗΝ ΝΥΚΤΑ ΤΗΣ ΠΡΩΤΟΧΡΟΝΙΑΣ
Ο Ωνάσης και η Τζάκυ θολταίρουν καταυνοι εις τον Σκορπιόν

ΑΘΗΝΑΙ, 26. — Εν στενώ οικογενειακώ κύκλω εώρτασεν το ζεύγος Ωνάση τα Χριστούγεννα εις την έπαυλιν του εις την Γλυφάδα. Μετά των τέκνων των ευρίσκοντο ο Αλέξανδρος, η Χριστίνα, η Καρολίνα και ο Τζων. Το ζεύγος θα μεταβή εις την νήσον Σκορπιόν δια να εορτάση την Πρωτοχρονιά.

Αι προετοιμασίαι εις τον Σκορπιόν έχουν ήδη αρχίσει. Το ζεύγος θα παραμείνη εις την νήσον μέχρι των Θεοφανείων, οπότε η κ. Ωνάση θα αναχωρήση δια την Νέαν Υόρκην.

Αι προετοιμασίαι εις τον Σκορπιόν έχουν ήδη αρχίσει. Το ζεύγος θα παραμείνη εις την νήσον μέχρι των Θεοφανείων, οπότε η κ. Ωνάση θα αναχωρήση δια την Νέαν Υόρκην.

ΑΘΗΝΑΙ, 26. — Εν στενώ οικογενειακώ κύκλω εώρτασεν το ζεύγος Ωνάση τα Χριστούγεννα εις την έπαυλιν του εις την Γλυφάδα. Μετά των τέκνων των ευρίσκοντο ο Αλέξανδρος, η Χριστίνα, η Καρολίνα και ο Τζων. Το ζεύγος θα μεταβή εις την νήσον Σκορπιόν δια να εορτάση την Πρωτοχρονιά.

ΕΛΛΗΝΟΓΑΛΛΙΣ ΣΥΖΥΓΟΣ ΙΑΤΡΟΥ
Επέστρεψεν εις την Ελλάδα μετά παρέλευσιν 42 ετών και επανεύρε τον αδελφόν της
Η ΠΕΡΙΠΕΤΕΙΑ ΜΙΑΣ ΟΙΚΟΓΕΝΕΙΑΣ ΠΡΟΣΦΥΓΩΝ.— Η ΥΙΟΘΕΣΙΑ ΤΗΣ ΜΙΚΡΗΣ ΕΛΕΝΗΣ.— Η ΖΩΗ ΤΗΣ ΕΙΣ ΤΗΝ ΓΑΛΛΙΑΝ.— ΠΩΣ ΕΠΛΗΡΟΦΟΡΗΘΗ ΟΛΗΝ ΤΗΝ ΑΛΗΘΕΙΑΝ

ΛΑΡΙΣΑ, 26. — Μιά γυναίκα, ζούσε επί 42 έτη εις την Γαλλίαν, επέστρεψε εις την Ελλάδα μετά από τόσα χρόνια και ανεύρε τον αδελφόν της. Η Ελένη, κόρη προσφύγων της Μικράς Ασίας, υιοθετήθη εις νεαράν ηλικίαν από Γάλλους και δεν εγνώριζε την καταγωγήν της.

Η ΖΩΗ ΤΗΣ ΕΛΕΝΗΣ. — Η μικρή Ελένη μεγάλωσε εις το Παρίσι, εσπούδασε και ενυμφεύθη ιατρόν. Μόλις πρόσφατα επληροφορήθη την αλήθειαν δια την οικογένειάν της και αποφάσισε να έλθη εις την Ελλάδα.

Η ΥΙΟΘΕΣΙΑ. — Συγκινητική υπήρξεν η στιγμή της συναντήσεως των δύο αδελφών, οι οποίοι ηγκαλιάσθησαν δακρυσμένοι εις την οικίαν του αδελφού της.

Η ΖΩΗ ΤΗΣ ΕΛΕΝΗΣ. — Η μικρή Ελένη μεγάλωσε εις το Παρίσι, εσπούδασε και ενυμφεύθη ιατρόν. Μόλις πρόσφατα επληροφορήθη την αλήθειαν δια την οικογένειάν της και αποφάσισε να έλθη εις την Ελλάδα.

ΛΑΡΙΣΑ, 26. — Μιά γυναίκα, ζούσε επί 42 έτη εις την Γαλλίαν, επέστρεψε εις την Ελλάδα μετά από τόσα χρόνια και ανεύρε τον αδελφόν της. Η Ελένη, κόρη προσφύγων της Μικράς Ασίας, υιοθετήθη εις νεαράν ηλικίαν από Γάλλους και δεν εγνώριζε την καταγωγήν της.

Η ΥΙΟΘΕΣΙΑ. — Συγκινητική υπήρξεν η στιγμή της συναντήσεως των δύο αδελφών, οι οποίοι ηγκαλιάσθησαν δακρυσμένοι εις την οικίαν του αδελφού της.

ΕΝΩ ΕΠΕΣΤΡΕΦΑΝ ΑΠΟ ΠΑΡΤΥ
Τρεις νεαρές αδελφές έπεσαν σε ενέδρα ληστών της Σαρδηνίας
Οι δύο τραυματίσθηκαν αλλά η τρίτη γλύτωσε

ΟΡΙΑΝΙ, Σαρδηνία, 26. (Ρώυτερ). — Τρεις νεαρές αδελφές, αι οποίαι επέστρεφαν από πάρτυ, έπεσαν σε ενέδρα ληστών. Οι δύο τραυματίσθηκαν σοβαρώς, ενώ η τρίτη κατώρθωσε να διαφύγη και να ειδοποιήση την αστυνομίαν. Η αστυνομία ερευνά την περιοχήν.

ΟΡΙΑΝΙ, Σαρδηνία, 26. (Ρώυτερ). — Τρεις νεαρές αδελφές, αι οποίαι επέστρεφαν από πάρτυ, έπεσαν σε ενέδρα ληστών. Οι δύο τραυματίσθηκαν σοβαρώς, ενώ η τρίτη κατώρθωσε να διαφύγη και να ειδοποιήση την αστυνομίαν. Η αστυνομία ερευνά την περιοχήν.

ΕΙΣ ΒΕΡΟΙΑΝ
ΠΕΝΤΕ ΝΕΑΡΟΙ ΘΑ ΚΑΤΕΛΑΜΒΑΝΟΝ ΤΗΝ ΠΡΕΣΒΕΙΑΝ ΤΗΣ ΦΟΡΜΟΖΗΣ
ΕΞΕΔΙΩΧΘΗΣΑΝ ΟΜΩΣ ΥΠΟ ΤΟΥ ΕΠΙΣΤΑΤΟΥ

ΒΕΡΟΛΙΝΟΝ, 26. (Ασ. Πρες). — Πέντε νεαροί επεχείρησαν να καταλάβουν την πρεσβείαν της Φορμόζης, εξεδιώχθησαν όμως υπό του επιστάτου του κτιρίου.

ΒΕΡΟΛΙΝΟΝ, 26. (Ασ. Πρες). — Πέντε νεαροί επεχείρησαν να καταλάβουν την πρεσβείαν της Φορμόζης, εξεδιώχθησαν όμως υπό του επιστάτου του κτιρίου.

25 ΑΤΟΜΑ ΕΠΝΙΓΗΣΑΝ ΕΚ ΠΛΗΜΜΥΡΩΝ ΕΙΣ ΤΗΝ ΤΟΥΡΚΙΑΝ
ΜΕΓΑΛΑΙ ΖΗΜΙΑΙ ΕΙΣ ΤΟΥΣ ΑΓΡΟΥΣ

ΑΓΚΥΡΑ, 26. (Ασ. Πρες). — Είκοσι πέντε άτομα επνίγησαν και μεγάλαι ζημίαι προεκλήθησαν εις τους αγρούς εκ των πλημμυρών εις την νότιον Τουρκίαν.

ΑΓΚΥΡΑ, 26. (Ασ. Πρες). — Είκοσι πέντε άτομα επνίγησαν και μεγάλαι ζημίαι προεκλήθησαν εις τους αγρούς εκ των πλημμυρών εις την νότιον Τουρκίαν.

ΕΙΣ ΤΗΝ ΑΡΙΖΟΝΑ
ΣΥΝΕΛΗΦΘΗ ΝΕΑΡΟΣ ΔΙΑΤΥΠΩΣΑΣ ΑΠΕΙΛΑΣ ΚΑΤΑ ΤΟΥ ΝΙΞΟΝ
ΕΦΥΛΑΚΙΣΘΗ

ΦΟΙΝΙΞ, Αριζόνα, 26. — Συνελήφθη νεαρός ο οποίος διετύπωσεν απειλάς κατά της ζωής του νεοεκλεγέντος προέδρου Νίξον.

Η ΜΟΣΧΑ ΑΠΗΛΑΣΕ ΔΥΤΙΚΟΓΕΡΜΑΝΟΝ ΔΗΜΟΣΙΟΓΡΑΦΟΝ ΓΡΑΨΑΝΤΑ ΕΠΙΣΗΜΩΝ

ΜΟΣΧΑ, 26. (Ασ. Πρες). — Η σοβιετική κυβέρνησις διέταξε την απέλασιν δυτικογερμανού δημοσιογράφου.

ΔΥΟ ΑΙΓΥΠΤΙΟΙ ΤΑΡΑΧΟΠΟΙΟΙ ΣΥΝΕΛΗΦΘΗΣΑΝ ΕΙΣ ΤΗΝ ΑΓΓΛΙΑΝ

ΝΤΟΒΕΡ, Αγγλία, 26. (Ρώυτερ). — Συνελήφθησαν δύο Αιγύπτιοι οι οποίοι προεκάλεσαν επεισόδια.

Ο ΡΩΣΣΟΣ ΥΠΟΥΡΓΟΣ ΤΗΣ ΑΜΥΝΗΣ ΕΙΣ ΤΟ ΠΑΚΙΣΤΑΝ

ΡΑΒΑΛΠΙΝΤΙ, 26. — Ο Σοβιετικός υπουργός της Αμύνης Γκρέτσκο αφίχθη εις το Πακιστάν δι' επίσημον επίσκεψιν.

ΚΙΝΕΖΙΚΑ ΟΠΛΑ ΕΙΣ ΑΝΤΑΡΤΑΣ ΤΟΥ ΝΟΤΙΟΥ ΣΟΥΔΑΝ

ΧΑΡΤΟΥΜ, 26. (Ασ. Πρες). — Κινεζικά όπλα ευρέθησαν εις χείρας ανταρτών του νοτίου Σουδάν.

ΤΟ ΖΕΥΓΟΣ ΝΙΞΟΝ ΕΙΣ ΤΑΣ ΜΠΑΧΑΜΑΣ ΜΕΤΑ ΤΩΝ ΝΕΟΝΥΜΦΩΝ

ΚΗ ΜΠΙΣΚΑΙΝ, Φλώριδα, 26. — Ο κ. Νίξον και η σύζυγός του αναχωρούν δια τας Μπαχάμας μετά της κόρης των και του συζύγου της.

Ο ΣΟΥΛΤΑΝΟ ΕΔΕΧΘΗ ΤΟΝ ΕΝ ΜΟΣΧΑ ΡΟΥΜΑΝΟΝ ΠΡΕΣΒΥΝ

ΜΟΣΧΑ, 26. (Ασ. Πρες). — Ο Σοβιετικός πρόεδρος εδέχθη τον Ρουμάνον πρέσβυν εις την Μόσχαν.

ΚΙΝΕΖΙΚΗ ΒΟΗΘΕΙΑ 40 ΕΚ. ΔΟΛΛΑΡΙΩΝ ΕΙΣ ΤΟ ΠΑΚΙΣΤΑΝ

ΡΑΒΑΛΠΙΝΤΙ, 26. (Ασ. Πρες). — Η Κίνα θα παράσχη βοήθειαν 40 εκατομμυρίων δολλαρίων εις το Πακιστάν.

ΑΠΕΒΙΩΣΕΝ Η ΧΗΡΑ ΤΟΥ ΑΝΤΡΕ ΜΩΡΟΥΑ

ΠΑΡΙΣΙΟΙ, 26. (Ρώυτερ). — Απεβίωσεν η χήρα του Γάλλου συγγραφέως Αντρέ Μωρουά εις ηλικίαν 75 ετών.

ΟΙ ΚΙΝΗΜΑΤΟΓΡΑΦΟΙ
ΣΥΝΕΧΕΙΑ ΕΚ ΤΗΣ 2ΑΣ ΣΕΛ.

ΙΩΝΙΟΝ τηλ. 513-818: Εξαφανισθείτε. ΚΑΘΑΡΑ τηλ. 510-011: Η σφαίρα με θλίψη. ΚΑΛΥΨΩ τηλ. 513-812: Τρεις γυναίκες. ΚΑΛΛΙΣΤΟΝ: Ο Γύρος του Κόσμου. ΛΥΡΙΚΟΝ τηλ. 520-711: Ο δραπέτης. ΜΑΓΙΚΟΣ τηλ. 512-422: Η μεγάλη απόδρασις. ΜΕΤΡΟΠΟΛ τηλ. 511-500: Ο μεγάλος έρως. ΟΛΥΜΠΙΑ τηλ. 512-800: Ρόμπιν Χουντ. ΠΑΛΛΑΣ τηλ. 520-360: Καλοκαίρι. ΡΙΑΛΤΟ: Ο Φυγάς. ΣΤΑΥΡΟΥΠΟΛΙΣ τηλ. 511-059.

ΙΩΝΙΟΝ τηλ. 513-818: Εξαφανισθείτε. ΚΑΘΑΡΑ τηλ. 510-011: Η σφαίρα με θλίψη. ΚΑΛΥΨΩ τηλ. 513-812: Τρεις γυναίκες. ΚΑΛΛΙΣΤΟΝ: Ο Γύρος του Κόσμου. ΛΥΡΙΚΟΝ τηλ. 520-711: Ο δραπέτης. ΜΑΓΙΚΟΣ τηλ. 512-422: Η μεγάλη απόδρασις. ΜΕΤΡΟΠΟΛ τηλ. 511-500: Ο μεγάλος έρως. ΟΛΥΜΠΙΑ τηλ. 512-800: Ρόμπιν Χουντ. ΠΑΛΛΑΣ τηλ. 520-360: Καλοκαίρι. ΡΙΑΛΤΟ: Ο Φυγάς. ΣΤΑΥΡΟΥΠΟΛΙΣ τηλ. 511-059.

Επαρχιών

ΔΡΑΜΑ: ΑΣΤΗΡ: Μια γυναίκα. ΟΛΥΜΠΙΑ: Ο ελεύθερος σκοπευτής. ΚΑΒΑΛΑ: ΑΠΟΛΛΩΝ: Η μάχη του Άνζιο. ΑΤΤΙΚΟΝ: Η αλίμου. ΝΑΟΥΣΑ: ΑΓΓΕΛΙΚΑ: Γυναίκες και μάγισσες. ΦΛΩΡΙΝΑ: ΑΓΓΕΛΙΚΑ: Το κορίτσι του δρόμου. ΕΛΛΗΝΙΣ: Εγώ, ο άνθρωπος.

ΔΡΑΜΑ: ΑΣΤΗΡ: Μια γυναίκα. ΟΛΥΜΠΙΑ: Ο ελεύθερος σκοπευτής. ΚΑΒΑΛΑ: ΑΠΟΛΛΩΝ: Η μάχη του Άνζιο. ΑΤΤΙΚΟΝ: Η αλίμου. ΝΑΟΥΣΑ: ΑΓΓΕΛΙΚΑ: Γυναίκες και μάγισσες. ΦΛΩΡΙΝΑ: ΑΓΓΕΛΙΚΑ: Το κορίτσι του δρόμου. ΕΛΛΗΝΙΣ: Εγώ, ο άνθρωπος.

Την προσφιλή μας σύζυγον, μητέρα, γιαγιάν και αδελφήν ΕΥΜΟΡΦΙΑ Ι. ΑΝΔΡΕΑΔΟΥ κηδεύομεν σήμερον και ώραν 2 μ.μ. εκ του Ιερού Ναού Αγίου Γεωργίου. — ΧΑΛΚΙΔΕΗ ΔΥΡΜΟΣΗ. — ΠΑΡΑΣΚΕΥΗΝ ΑΣΠΡΟΥΛΗ. — ΚΩΝΣΤΑΝΤΙΝΟΣ Δ. ΓΕΝΕΡΑΛΗΝ. Η σύζυγος, τα τέκνα και λοιποί συγγενείς.

Τελούμεν την Κυριακήν 9.30 π.μ. εις τον Ιερόν Ναόν του Αγίου Παύλου εξάμηνον μνημόσυνον υπέρ αναπαύσεως της ψυχής του πολυαγαπημένου μας ΕΛΕΝΗΣ ΧΑΡΙΤΙΔΟΥ. Η σύζυγος, τα τέκνα, τα εγγόνια.

ΕΙΝΑΙ ΟΜΟΙΑ ΚΑΙ ΟΜΩΣ... ΔΙΑΦΕΡΟΥΝ!
(Η ορθή απάντησις εις την έν σελίδα)
